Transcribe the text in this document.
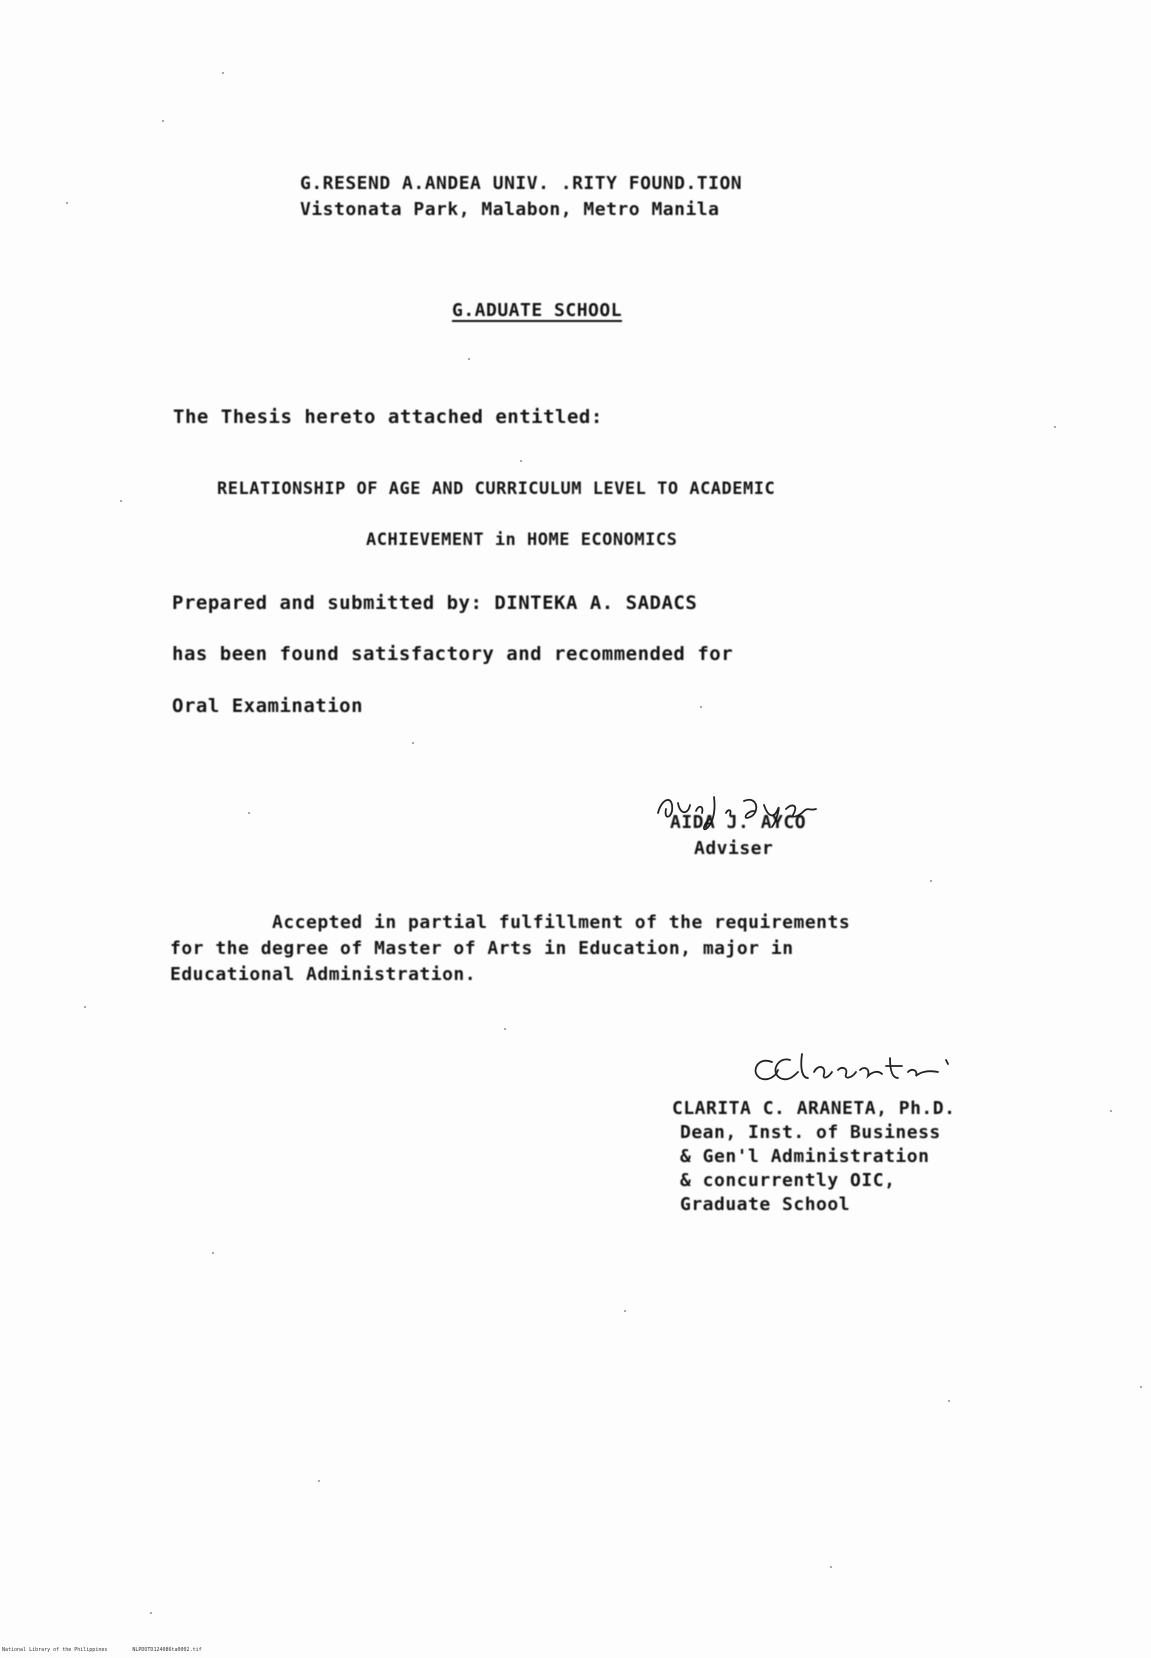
G.RESEND A.ANDEA UNIV. .RITY FOUND.TION
Vistonata Park, Malabon, Metro Manila
G.ADUATE SCHOOL
The Thesis hereto attached entitled:
RELATIONSHIP OF AGE AND CURRICULUM LEVEL TO ACADEMIC
ACHIEVEMENT in HOME ECONOMICS
Prepared and submitted by: DINTEKA A. SADACS
has been found satisfactory and recommended for
Oral Examination
AIDA J. AYCO
Adviser
Accepted in partial fulfillment of the requirements
for the degree of Master of Arts in Education, major in
Educational Administration.
CLARITA C. ARANETA, Ph.D.
Dean, Inst. of Business
& Gen'l Administration
& concurrently OIC,
Graduate School
National Library of the Philippines	NLPDOTD124086ta0002.tif
